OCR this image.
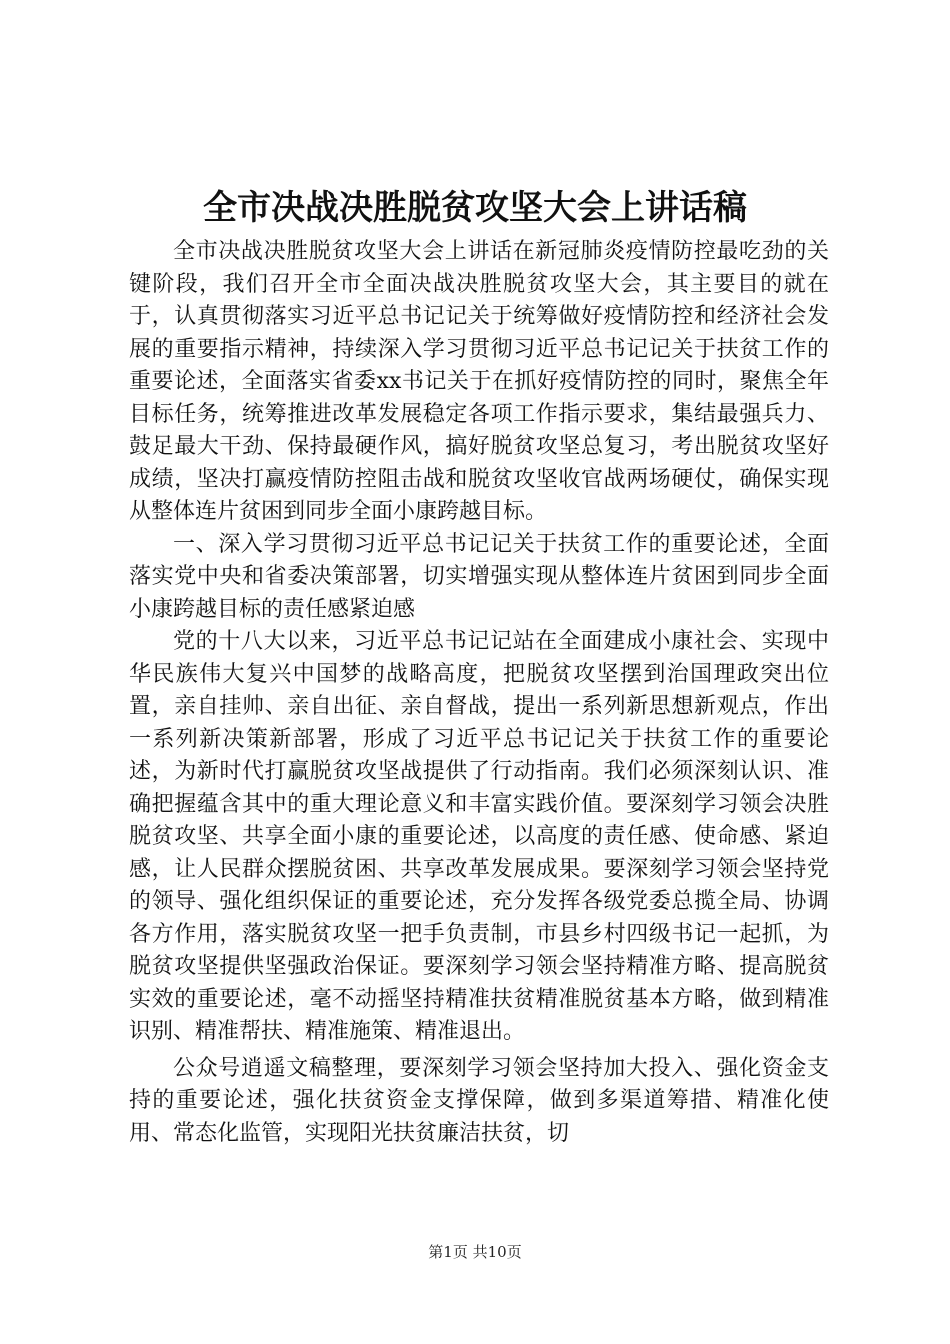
全市决战决胜脱贫攻坚大会上讲话稿

全市决战决胜脱贫攻坚大会上讲话在新冠肺炎疫情防控最吃劲的关键阶段，我们召开全市全面决战决胜脱贫攻坚大会，其主要目的就在于，认真贯彻落实习近平总书记记关于统筹做好疫情防控和经济社会发展的重要指示精神，持续深入学习贯彻习近平总书记记关于扶贫工作的重要论述，全面落实省委xx书记关于在抓好疫情防控的同时，聚焦全年目标任务，统筹推进改革发展稳定各项工作指示要求，集结最强兵力、鼓足最大干劲、保持最硬作风，搞好脱贫攻坚总复习，考出脱贫攻坚好成绩，坚决打赢疫情防控阻击战和脱贫攻坚收官战两场硬仗，确保实现从整体连片贫困到同步全面小康跨越目标。

一、深入学习贯彻习近平总书记记关于扶贫工作的重要论述，全面落实党中央和省委决策部署，切实增强实现从整体连片贫困到同步全面小康跨越目标的责任感紧迫感

党的十八大以来，习近平总书记记站在全面建成小康社会、实现中华民族伟大复兴中国梦的战略高度，把脱贫攻坚摆到治国理政突出位置，亲自挂帅、亲自出征、亲自督战，提出一系列新思想新观点，作出一系列新决策新部署，形成了习近平总书记记关于扶贫工作的重要论述，为新时代打赢脱贫攻坚战提供了行动指南。我们必须深刻认识、准确把握蕴含其中的重大理论意义和丰富实践价值。要深刻学习领会决胜脱贫攻坚、共享全面小康的重要论述，以高度的责任感、使命感、紧迫感，让人民群众摆脱贫困、共享改革发展成果。要深刻学习领会坚持党的领导、强化组织保证的重要论述，充分发挥各级党委总揽全局、协调各方作用，落实脱贫攻坚一把手负责制，市县乡村四级书记一起抓，为脱贫攻坚提供坚强政治保证。要深刻学习领会坚持精准方略、提高脱贫实效的重要论述，毫不动摇坚持精准扶贫精准脱贫基本方略，做到精准识别、精准帮扶、精准施策、精准退出。

公众号逍遥文稿整理，要深刻学习领会坚持加大投入、强化资金支持的重要论述，强化扶贫资金支撑保障，做到多渠道筹措、精准化使用、常态化监管，实现阳光扶贫廉洁扶贫，切

第1页 共10页
